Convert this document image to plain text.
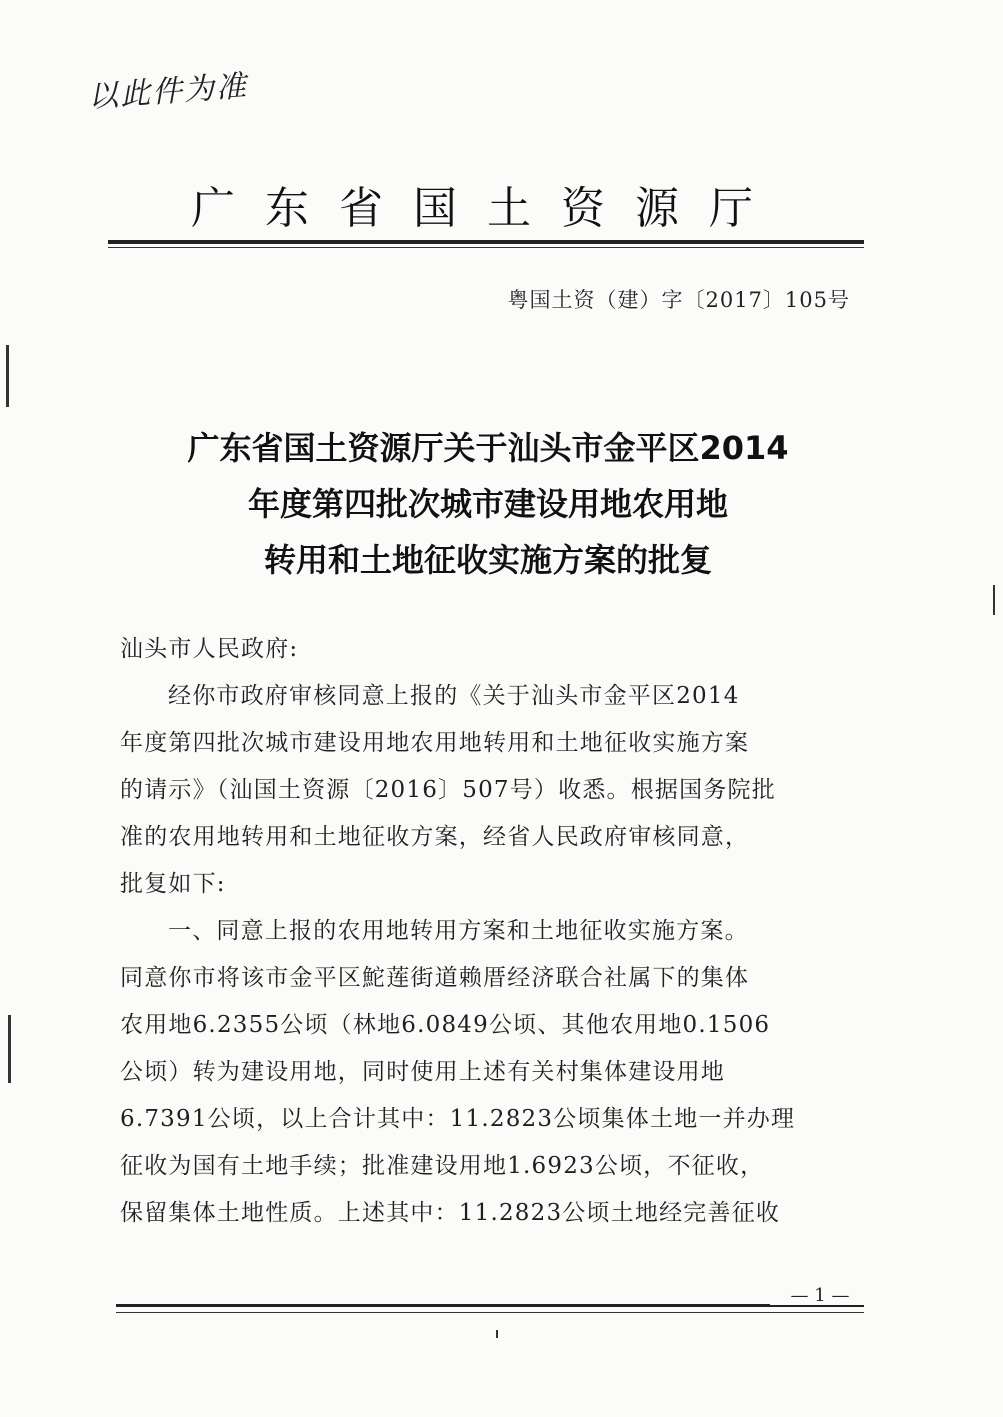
以此件为准
广东省国土资源厅
粤国土资（建）字〔2017〕105号
广东省国土资源厅关于汕头市金平区2014
年度第四批次城市建设用地农用地
转用和土地征收实施方案的批复
汕头市人民政府:
经你市政府审核同意上报的《关于汕头市金平区2014
年度第四批次城市建设用地农用地转用和土地征收实施方案
的请示》（汕国土资源〔2016〕507号）收悉。根据国务院批
准的农用地转用和土地征收方案，经省人民政府审核同意，
批复如下:
一、同意上报的农用地转用方案和土地征收实施方案。
同意你市将该市金平区鮀莲街道赖厝经济联合社属下的集体
农用地6.2355公顷（林地6.0849公顷、其他农用地0.1506
公顷）转为建设用地，同时使用上述有关村集体建设用地
6.7391公顷，以上合计其中：11.2823公顷集体土地一并办理
征收为国有土地手续；批准建设用地1.6923公顷，不征收，
保留集体土地性质。上述其中：11.2823公顷土地经完善征收
— 1 —
